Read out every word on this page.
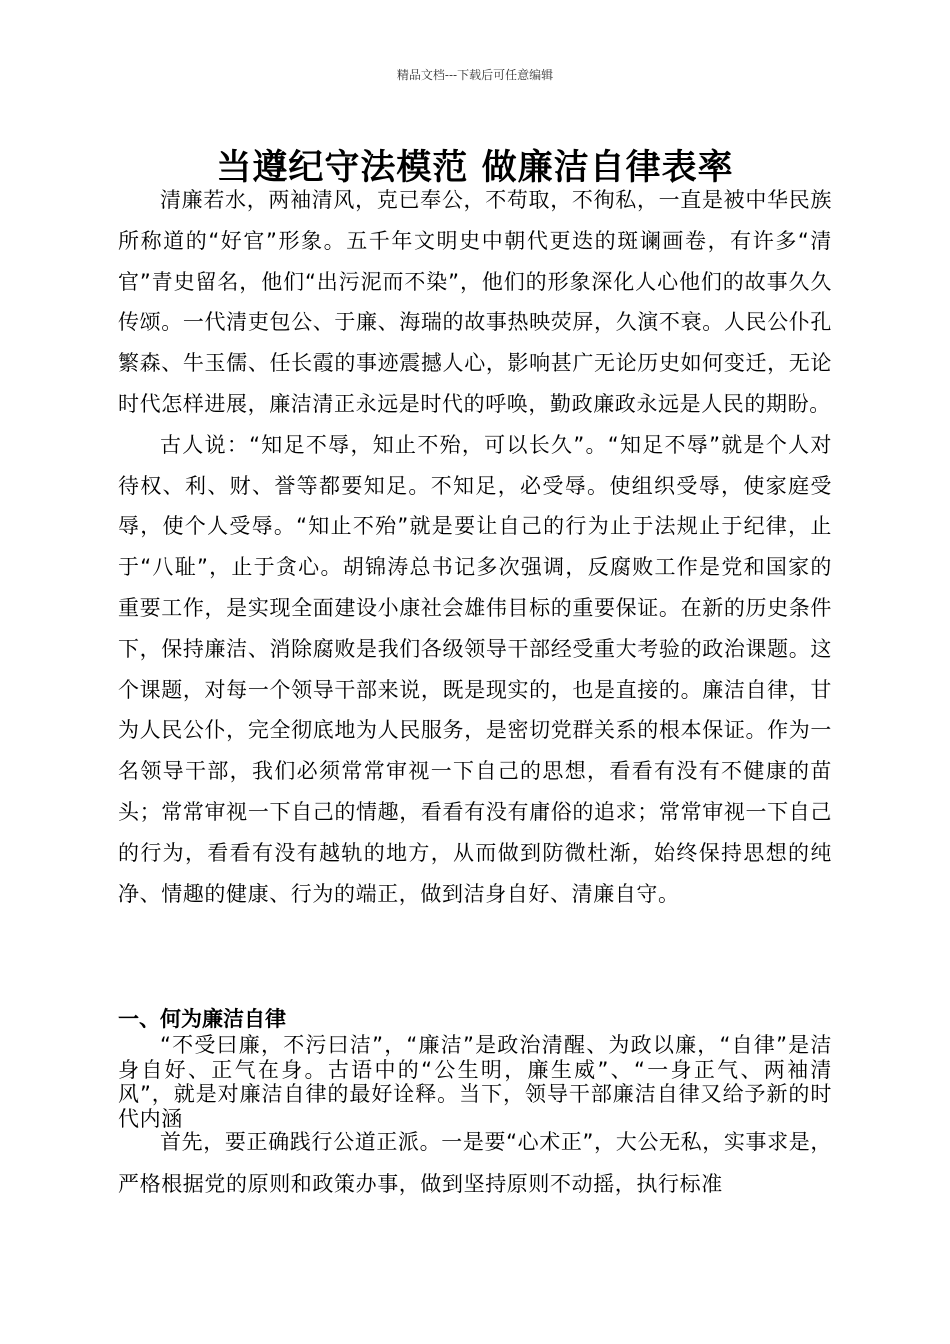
精品文档---下载后可任意编辑
当遵纪守法模范 做廉洁自律表率

清廉若水，两袖清风，克已奉公，不苟取，不徇私，一直是被中华民族所称道的“好官”形象。五千年文明史中朝代更迭的斑谰画卷，有许多“清官”青史留名，他们“出污泥而不染”，他们的形象深化人心他们的故事久久传颂。一代清吏包公、于廉、海瑞的故事热映荧屏，久演不衰。人民公仆孔繁森、牛玉儒、任长霞的事迹震撼人心，影响甚广无论历史如何变迁，无论时代怎样进展，廉洁清正永远是时代的呼唤，勤政廉政永远是人民的期盼。

古人说：“知足不辱，知止不殆，可以长久”。“知足不辱”就是个人对待权、利、财、誉等都要知足。不知足，必受辱。使组织受辱，使家庭受辱，使个人受辱。“知止不殆”就是要让自己的行为止于法规止于纪律，止于“八耻”，止于贪心。胡锦涛总书记多次强调，反腐败工作是党和国家的重要工作，是实现全面建设小康社会雄伟目标的重要保证。在新的历史条件下，保持廉洁、消除腐败是我们各级领导干部经受重大考验的政治课题。这个课题，对每一个领导干部来说，既是现实的，也是直接的。廉洁自律，甘为人民公仆，完全彻底地为人民服务，是密切党群关系的根本保证。作为一名领导干部，我们必须常常审视一下自己的思想，看看有没有不健康的苗头；常常审视一下自己的情趣，看看有没有庸俗的追求；常常审视一下自己的行为，看看有没有越轨的地方，从而做到防微杜渐，始终保持思想的纯净、情趣的健康、行为的端正，做到洁身自好、清廉自守。

一、何为廉洁自律

“不受曰廉，不污曰洁”，“廉洁”是政治清醒、为政以廉，“自律”是洁身自好、正气在身。古语中的“公生明，廉生威”、“一身正气、两袖清风”，就是对廉洁自律的最好诠释。当下，领导干部廉洁自律又给予新的时代内涵

首先，要正确践行公道正派。一是要“心术正”，大公无私，实事求是，严格根据党的原则和政策办事，做到坚持原则不动摇，执行标准
